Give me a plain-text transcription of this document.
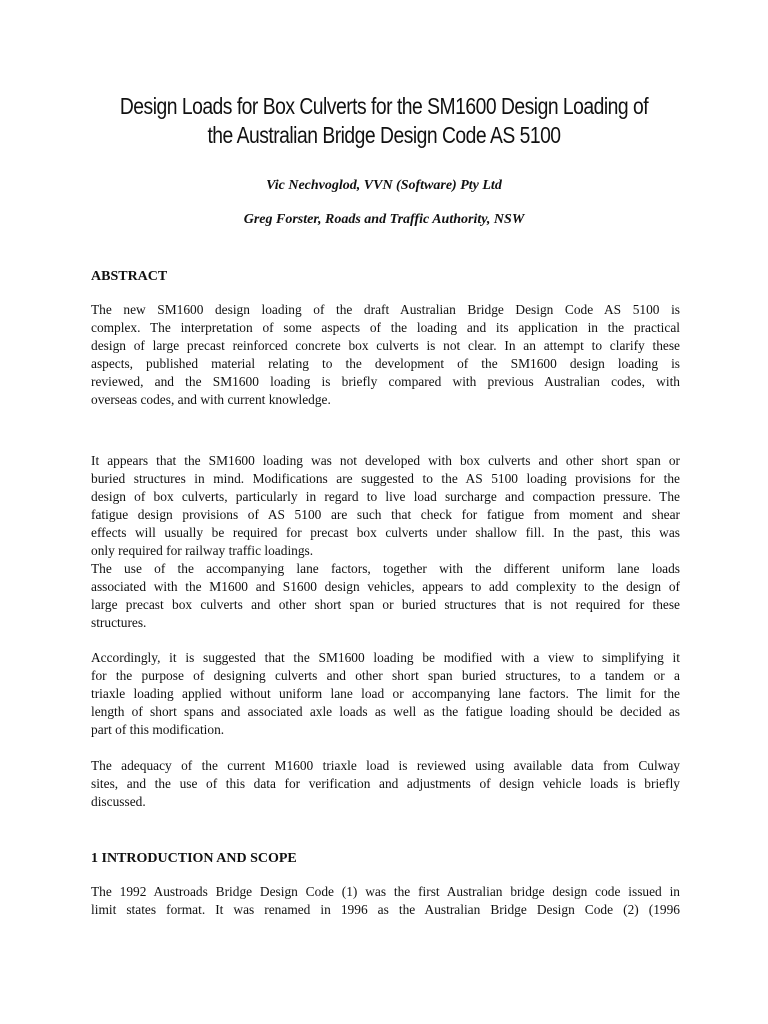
Design Loads for Box Culverts for the SM1600 Design Loading of
the Australian Bridge Design Code AS 5100
Vic Nechvoglod, VVN (Software) Pty Ltd
Greg Forster, Roads and Traffic Authority, NSW
ABSTRACT
The new SM1600 design loading of the draft Australian Bridge Design Code AS 5100 is
complex. The interpretation of some aspects of the loading and its application in the practical
design of large precast reinforced concrete box culverts is not clear. In an attempt to clarify these
aspects, published material relating to the development of the SM1600 design loading is
reviewed, and the SM1600 loading is briefly compared with previous Australian codes, with
overseas codes, and with current knowledge.
It appears that the SM1600 loading was not developed with box culverts and other short span or
buried structures in mind. Modifications are suggested to the AS 5100 loading provisions for the
design of box culverts, particularly in regard to live load surcharge and compaction pressure. The
fatigue design provisions of AS 5100 are such that check for fatigue from moment and shear
effects will usually be required for precast box culverts under shallow fill. In the past, this was
only required for railway traffic loadings.
The use of the accompanying lane factors, together with the different uniform lane loads
associated with the M1600 and S1600 design vehicles, appears to add complexity to the design of
large precast box culverts and other short span or buried structures that is not required for these
structures.
Accordingly, it is suggested that the SM1600 loading be modified with a view to simplifying it
for the purpose of designing culverts and other short span buried structures, to a tandem or a
triaxle loading applied without uniform lane load or accompanying lane factors. The limit for the
length of short spans and associated axle loads as well as the fatigue loading should be decided as
part of this modification.
The adequacy of the current M1600 triaxle load is reviewed using available data from Culway
sites, and the use of this data for verification and adjustments of design vehicle loads is briefly
discussed.
1 INTRODUCTION AND SCOPE
The 1992 Austroads Bridge Design Code (1) was the first Australian bridge design code issued in
limit states format. It was renamed in 1996 as the Australian Bridge Design Code (2) (1996
